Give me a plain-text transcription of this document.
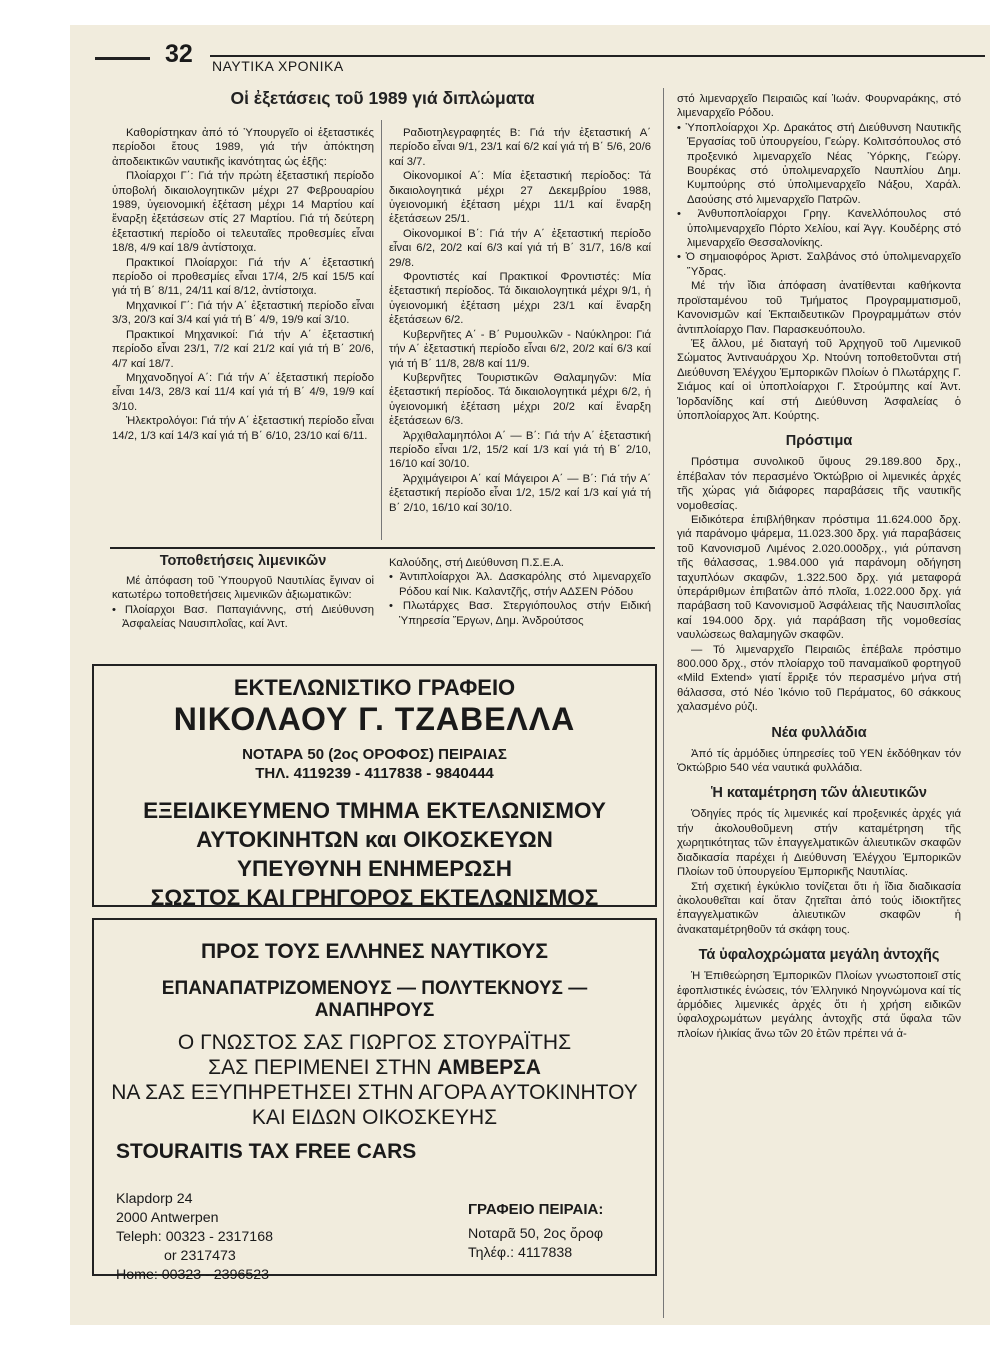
32 ΝΑΥΤΙΚΑ ΧΡΟΝΙΚΑ
Οἱ ἐξετάσεις τοῦ 1989 γιά διπλώματα

Καθορίστηκαν ἀπό τό Ὑπουργεῖο οἱ ἐξεταστικές περίοδοι ἔτους 1989, γιά τήν ἀπόκτηση ἀποδεικτικῶν ναυτικῆς ἱκανότητας ὡς ἑξῆς:

Πλοίαρχοι Γ΄: Γιά τήν πρώτη ἐξεταστική περίοδο ὑποβολή δικαιολογητικῶν μέχρι 27 Φεβρουαρίου 1989, ὑγειονομική ἐξέταση μέχρι 14 Μαρτίου καί ἔναρξη ἐξετάσεων στίς 27 Μαρτίου. Γιά τή δεύτερη ἐξεταστική περίοδο οἱ τελευταῖες προθεσμίες εἶναι 18/8, 4/9 καί 18/9 ἀντίστοιχα.

Πρακτικοί Πλοίαρχοι: Γιά τήν Α΄ ἐξεταστική περίοδο οἱ προθεσμίες εἶναι 17/4, 2/5 καί 15/5 καί γιά τή Β΄ 8/11, 24/11 καί 8/12, ἀντίστοιχα.

Μηχανικοί Γ΄: Γιά τήν Α΄ ἐξεταστική περίοδο εἶναι 3/3, 20/3 καί 3/4 καί γιά τή Β΄ 4/9, 19/9 καί 3/10.

Πρακτικοί Μηχανικοί: Γιά τήν Α΄ ἐξεταστική περίοδο εἶναι 23/1, 7/2 καί 21/2 καί γιά τή Β΄ 20/6, 4/7 καί 18/7.

Μηχανοδηγοί Α΄: Γιά τήν Α΄ ἐξεταστική περίοδο εἶναι 14/3, 28/3 καί 11/4 καί γιά τή Β΄ 4/9, 19/9 καί 3/10.

Ἠλεκτρολόγοι: Γιά τήν Α΄ ἐξεταστική περίοδο εἶναι 14/2, 1/3 καί 14/3 καί γιά τή Β΄ 6/10, 23/10 καί 6/11.

Ραδιοτηλεγραφητές Β: Γιά τήν ἐξεταστική Α΄ περίοδο εἶναι 9/1, 23/1 καί 6/2 καί γιά τή Β΄ 5/6, 20/6 καί 3/7.

Οἰκονομικοί Α΄: Μία ἐξεταστική περίοδος: Τά δικαιολογητικά μέχρι 27 Δεκεμβρίου 1988, ὑγειονομική ἐξέταση μέχρι 11/1 καί ἔναρξη ἐξετάσεων 25/1.

Οἰκονομικοί Β΄: Γιά τήν Α΄ ἐξεταστική περίοδο εἶναι 6/2, 20/2 καί 6/3 καί γιά τή Β΄ 31/7, 16/8 καί 29/8.

Φροντιστές καί Πρακτικοί Φροντιστές: Μία ἐξεταστική περίοδος. Τά δικαιολογητικά μέχρι 9/1, ἡ ὑγειονομική ἐξέταση μέχρι 23/1 καί ἔναρξη ἐξετάσεων 6/2.

Κυβερνῆτες Α΄ - Β΄ Ρυμουλκῶν - Ναύκληροι: Γιά τήν Α΄ ἐξεταστική περίοδο εἶναι 6/2, 20/2 καί 6/3 καί γιά τή Β΄ 11/8, 28/8 καί 11/9.

Κυβερνῆτες Τουριστικῶν Θαλαμηγῶν: Μία ἐξεταστική περίοδος. Τά δικαιολογητικά μέχρι 6/2, ἡ ὑγειονομική ἐξέταση μέχρι 20/2 καί ἔναρξη ἐξετάσεων 6/3.

Ἀρχιθαλαμηπόλοι Α΄ — Β΄: Γιά τήν Α΄ ἐξεταστική περίοδο εἶναι 1/2, 15/2 καί 1/3 καί γιά τή Β΄ 2/10, 16/10 καί 30/10.

Ἀρχιμάγειροι Α΄ καί Μάγειροι Α΄ — Β΄: Γιά τήν Α΄ ἐξεταστική περίοδο εἶναι 1/2, 15/2 καί 1/3 καί γιά τή Β΄ 2/10, 16/10 καί 30/10.

Τοποθετήσεις λιμενικῶν

Μέ ἀπόφαση τοῦ Ὑπουργοῦ Ναυτιλίας ἔγιναν οἱ κατωτέρω τοποθετήσεις λιμενικῶν ἀξιωματικῶν:

• Πλοίαρχοι Βασ. Παπαγιάννης, στή Διεύθυνση Ἀσφαλείας Ναυσιπλοΐας, καί Ἀντ.

Καλούδης, στή Διεύθυνση Π.Σ.Ε.Α.

• Ἀντιπλοίαρχοι Ἀλ. Δασκαρόλης στό λιμεναρχεῖο Ρόδου καί Νικ. Καλαντζῆς, στήν ΑΔΣΕΝ Ρόδου

• Πλωτάρχες Βασ. Στεργιόπουλος στήν Ειδική Ὑπηρεσία Ἔργων, Δημ. Ἀνδρούτσος

στό λιμεναρχεῖο Πειραιῶς καί Ἰωάν. Φουρναράκης, στό λιμεναρχεῖο Ρόδου.

• Ὑποπλοίαρχοι Χρ. Δρακάτος στή Διεύθυνση Ναυτικῆς Ἐργασίας τοῦ ὑπουργείου, Γεώργ. Κολιτσόπουλος στό προξενικό λιμεναρχεῖο Νέας Ὑόρκης, Γεώργ. Βουρέκας στό ὑπολιμεναρχεῖο Ναυπλίου Δημ. Κυμπούρης στό ὑπολιμεναρχεῖο Νάξου, Χαράλ. Δαούσης στό λιμεναρχεῖο Πατρῶν.

• Ἀνθυποπλοίαρχοι Γρηγ. Κανελλόπουλος στό ὑπολιμεναρχεῖο Πόρτο Χελίου, καί Ἀγγ. Κουδέρης στό λιμεναρχεῖο Θεσσαλονίκης.

• Ὁ σημαιοφόρος Ἀριστ. Σαλβάνος στό ὑπολιμεναρχεῖο Ὕδρας.

Μέ τήν ἴδια ἀπόφαση ἀνατίθενται καθήκοντα προϊσταμένου τοῦ Τμήματος Προγραμματισμοῦ, Κανονισμῶν καί Ἐκπαιδευτικῶν Προγραμμάτων στόν ἀντιπλοίαρχο Παν. Παρασκευόπουλο.

Ἐξ ἄλλου, μέ διαταγή τοῦ Ἀρχηγοῦ τοῦ Λιμενικοῦ Σώματος Ἀντιναυάρχου Χρ. Ντούνη τοποθετοῦνται στή Διεύθυνση Ἐλέγχου Ἐμπορικῶν Πλοίων ὁ Πλωτάρχης Γ. Σιάμος καί οἱ ὑποπλοίαρχοι Γ. Στρούμπης καί Ἀντ. Ἰορδανίδης καί στή Διεύθυνση Ἀσφαλείας ὁ ὑποπλοίαρχος Ἀπ. Κούρτης.

Πρόστιμα

Πρόστιμα συνολικοῦ ὕψους 29.189.800 δρχ., ἐπέβαλαν τόν περασμένο Ὀκτώβριο οἱ λιμενικές ἀρχές τῆς χώρας γιά διάφορες παραβάσεις τῆς ναυτικῆς νομοθεσίας.

Ειδικότερα ἐπιβλήθηκαν πρόστιμα 11.624.000 δρχ. γιά παράνομο ψάρεμα, 11.023.300 δρχ. γιά παραβάσεις τοῦ Κανονισμοῦ Λιμένος 2.020.000δρχ., γιά ρύπανση τῆς θάλασσας, 1.984.000 γιά παράνομη οδήγηση ταχυπλόων σκαφῶν, 1.322.500 δρχ. γιά μεταφορά ὑπεράριθμων ἐπιβατῶν ἀπό πλοῖα, 1.022.000 δρχ. γιά παράβαση τοῦ Κανονισμοῦ Ἀσφάλειας τῆς Ναυσιπλοΐας καί 194.000 δρχ. γιά παράβαση τῆς νομοθεσίας ναυλώσεως θαλαμηγῶν σκαφῶν.

— Τό λιμεναρχεῖο Πειραιῶς ἐπέβαλε πρόστιμο 800.000 δρχ., στόν πλοίαρχο τοῦ παναμαϊκοῦ φορτηγοῦ «Mild Extend» γιατί ἔρριξε τόν περασμένο μήνα στή θάλασσα, στό Νέο Ἰκόνιο τοῦ Περάματος, 60 σάκκους χαλασμένο ρύζι.

Νέα φυλλάδια

Ἀπό τίς ἁρμόδιες ὑπηρεσίες τοῦ ΥΕΝ ἐκδόθηκαν τόν Ὀκτώβριο 540 νέα ναυτικά φυλλάδια.

Ἡ καταμέτρηση τῶν ἁλιευτικῶν

Ὁδηγίες πρός τίς λιμενικές καί προξενικές ἀρχές γιά τήν ἀκολουθοῦμενη στήν καταμέτρηση τῆς χωρητικότητας τῶν ἐπαγγελματικῶν ἁλιευτικῶν σκαφῶν διαδικασία παρέχει ἡ Διεύθυνση Ἐλέγχου Ἐμπορικῶν Πλοίων τοῦ ὑπουργείου Ἐμπορικῆς Ναυτιλίας.

Στή σχετική ἐγκύκλιο τονίζεται ὅτι ἡ ἴδια διαδικασία ἀκολουθεῖται καί ὅταν ζητεῖται ἀπό τούς ἰδιοκτῆτες ἐπαγγελματικῶν ἁλιευτικῶν σκαφῶν ἡ ἀνακαταμέτρηθοῦν τά σκάφη τους.

Τά ὑφαλοχρώματα μεγάλη ἀντοχῆς

Ἡ Ἐπιθεώρηση Ἐμπορικῶν Πλοίων γνωστοποιεῖ στίς ἐφοπλιστικές ἑνώσεις, τόν Ἑλληνικό Νηογνώμονα καί τίς ἁρμόδιες λιμενικές ἀρχές ὅτι ἡ χρήση ειδικῶν ὑφαλοχρωμάτων μεγάλης ἀντοχῆς στά ὕφαλα τῶν πλοίων ἡλικίας ἄνω τῶν 20 ἐτῶν πρέπει νά ἀ-

ΕΚΤΕΛΩΝΙΣΤΙΚΟ ΓΡΑΦΕΙΟ
ΝΙΚΟΛΑΟΥ Γ. ΤΖΑΒΕΛΛΑ
ΝΟΤΑΡΑ 50 (2ος ΟΡΟΦΟΣ) ΠΕΙΡΑΙΑΣ
ΤΗΛ. 4119239 - 4117838 - 9840444
ΕΞΕΙΔΙΚΕΥΜΕΝΟ ΤΜΗΜΑ ΕΚΤΕΛΩΝΙΣΜΟΥ
ΑΥΤΟΚΙΝΗΤΩΝ και ΟΙΚΟΣΚΕΥΩΝ
ΥΠΕΥΘΥΝΗ ΕΝΗΜΕΡΩΣΗ
ΣΩΣΤΟΣ ΚΑΙ ΓΡΗΓΟΡΟΣ ΕΚΤΕΛΩΝΙΣΜΟΣ
ΠΡΟΣ ΤΟΥΣ ΕΛΛΗΝΕΣ ΝΑΥΤΙΚΟΥΣ
ΕΠΑΝΑΠΑΤΡΙΖΟΜΕΝΟΥΣ — ΠΟΛΥΤΕΚΝΟΥΣ —
ΑΝΑΠΗΡΟΥΣ
Ο ΓΝΩΣΤΟΣ ΣΑΣ ΓΙΩΡΓΟΣ ΣΤΟΥΡΑΪΤΗΣ
ΣΑΣ ΠΕΡΙΜΕΝΕΙ ΣΤΗΝ ΑΜΒΕΡΣΑ
ΝΑ ΣΑΣ ΕΞΥΠΗΡΕΤΗΣΕΙ ΣΤΗΝ ΑΓΟΡΑ ΑΥΤΟΚΙΝΗΤΟΥ
ΚΑΙ ΕΙΔΩΝ ΟΙΚΟΣΚΕΥΗΣ
STOURAITIS TAX FREE CARS
Klapdorp 24
2000 Antwerpen
Teleph: 00323 - 2317168
or 2317473
Home: 00323 - 2396523
ΓΡΑΦΕΙΟ ΠΕΙΡΑΙΑ:
Νοταρᾶ 50, 2ος ὄροφ
Τηλέφ.: 4117838
